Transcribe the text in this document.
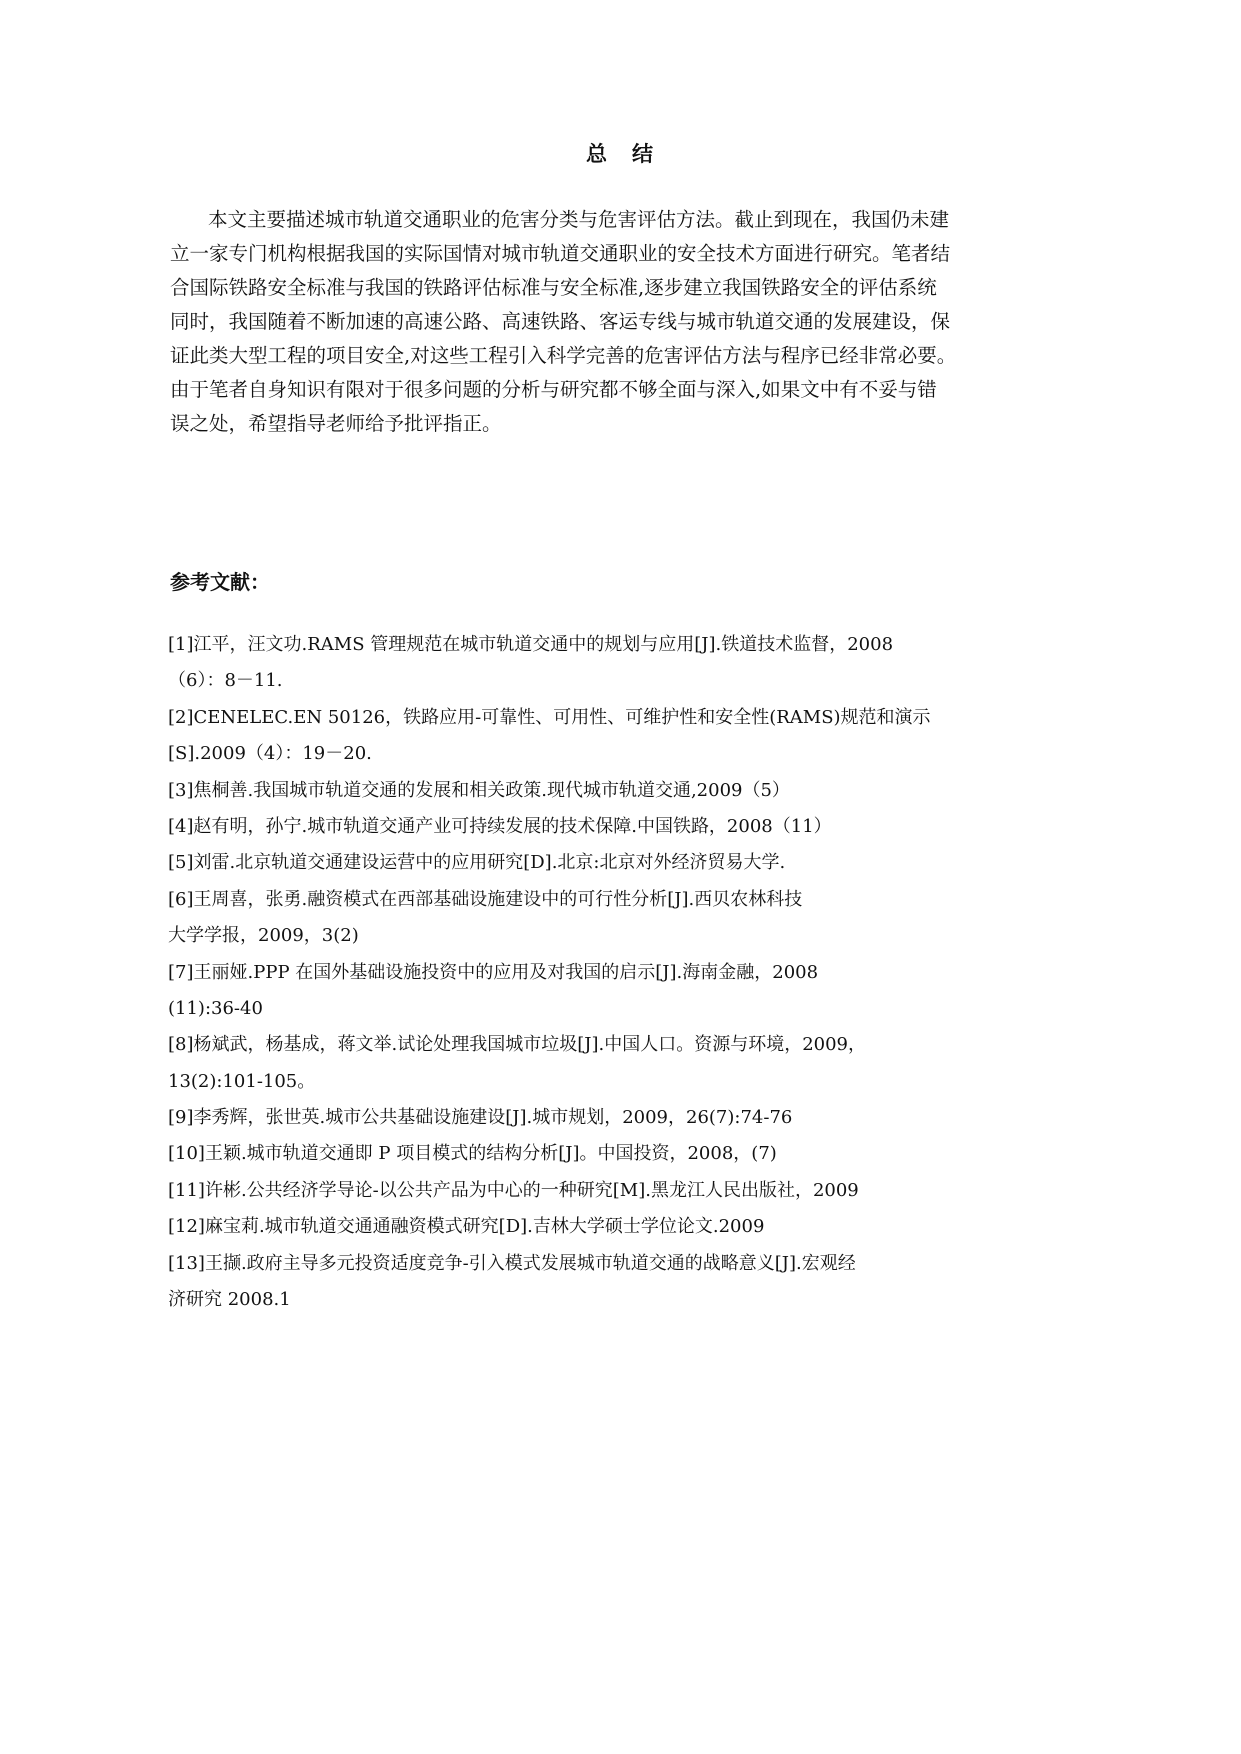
总　结
本文主要描述城市轨道交通职业的危害分类与危害评估方法。截止到现在，我国仍未建
立一家专门机构根据我国的实际国情对城市轨道交通职业的安全技术方面进行研究。笔者结
合国际铁路安全标准与我国的铁路评估标准与安全标准,逐步建立我国铁路安全的评估系统
同时，我国随着不断加速的高速公路、高速铁路、客运专线与城市轨道交通的发展建设，保
证此类大型工程的项目安全,对这些工程引入科学完善的危害评估方法与程序已经非常必要。
由于笔者自身知识有限对于很多问题的分析与研究都不够全面与深入,如果文中有不妥与错
误之处，希望指导老师给予批评指正。
参考文献：
[1]江平，汪文功.RAMS 管理规范在城市轨道交通中的规划与应用[J].铁道技术监督，2008
（6）：8－11.
[2]CENELEC.EN 50126，铁路应用-可靠性、可用性、可维护性和安全性(RAMS)规范和演示
[S].2009（4）：19－20.
[3]焦桐善.我国城市轨道交通的发展和相关政策.现代城市轨道交通,2009（5）
[4]赵有明，孙宁.城市轨道交通产业可持续发展的技术保障.中国铁路，2008（11）
[5]刘雷.北京轨道交通建设运营中的应用研究[D].北京:北京对外经济贸易大学.
[6]王周喜，张勇.融资模式在西部基础设施建设中的可行性分析[J].西贝农林科技
大学学报，2009，3(2)
[7]王丽娅.PPP 在国外基础设施投资中的应用及对我国的启示[J].海南金融，2008
(11):36-40
[8]杨斌武，杨基成，蒋文举.试论处理我国城市垃圾[J].中国人口。资源与环境，2009，
13(2):101-105。
[9]李秀辉，张世英.城市公共基础设施建设[J].城市规划，2009，26(7):74-76
[10]王颖.城市轨道交通即 P 项目模式的结构分析[J]。中国投资，2008，(7)
[11]许彬.公共经济学导论-以公共产品为中心的一种研究[M].黑龙江人民出版社，2009
[12]麻宝莉.城市轨道交通通融资模式研究[D].吉林大学硕士学位论文.2009
[13]王撷.政府主导多元投资适度竞争-引入模式发展城市轨道交通的战略意义[J].宏观经
济研究 2008.1
